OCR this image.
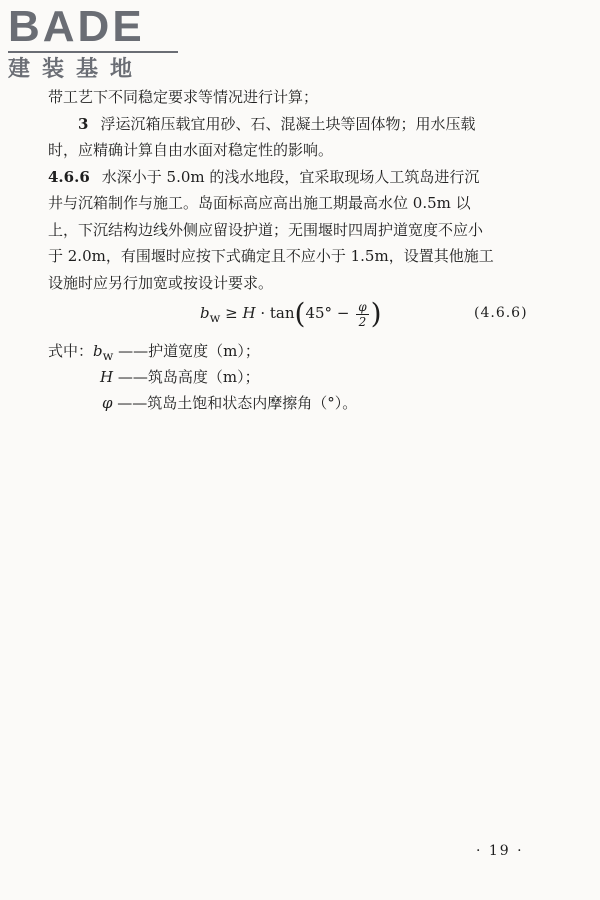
BADE
建装基地
带工艺下不同稳定要求等情况进行计算；
3 浮运沉箱压载宜用砂、石、混凝土块等固体物；用水压载
时，应精确计算自由水面对稳定性的影响。
4.6.6 水深小于 5.0m 的浅水地段，宜采取现场人工筑岛进行沉
井与沉箱制作与施工。岛面标高应高出施工期最高水位 0.5m 以
上，下沉结构边线外侧应留设护道；无围堰时四周护道宽度不应小
于 2.0m，有围堰时应按下式确定且不应小于 1.5m，设置其他施工
设施时应另行加宽或按设计要求。
$b_w \ge H \cdot \tan(45^\circ - \frac{\varphi}{2}$ )	(4.6.6)
式中：$b_w$ ——护道宽度（m）；
H ——筑岛高度（m）；
φ ——筑岛土饱和状态内摩擦角（°）。
· 19 ·
